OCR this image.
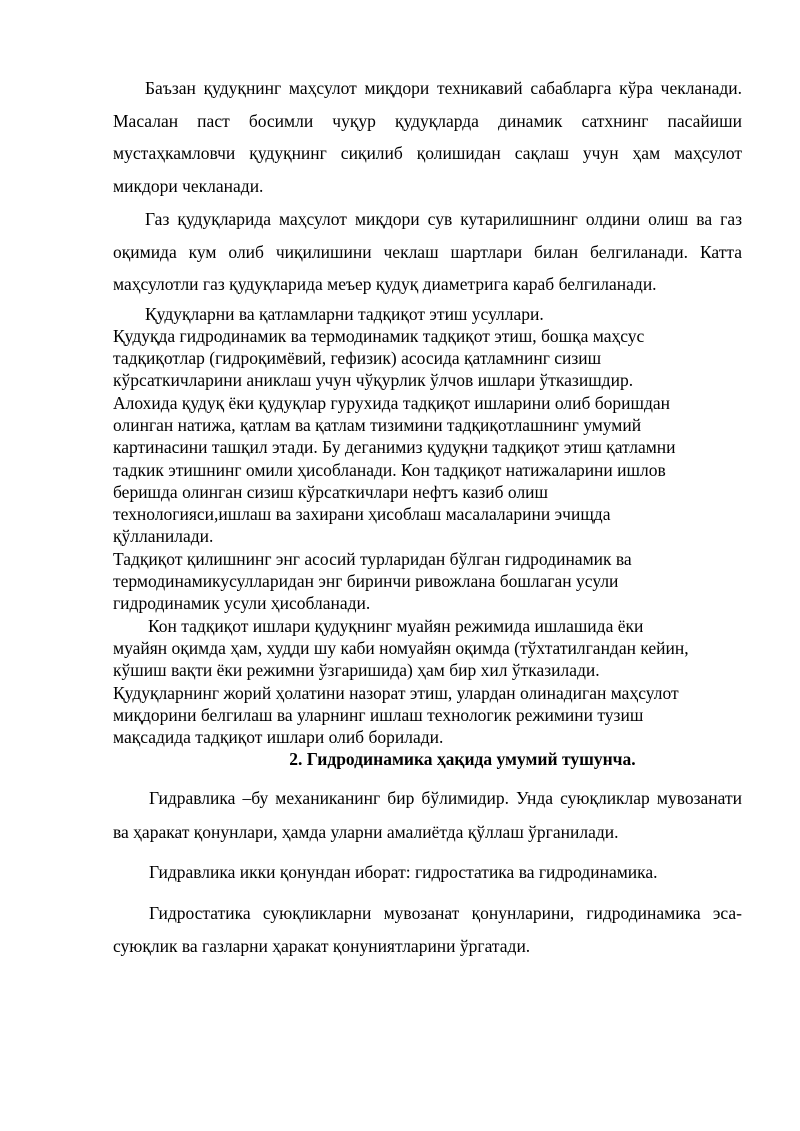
Баъзан қудуқнинг маҳсулот миқдори техникавий сабабларга кўра чекланади. Масалан паст босимли чуқур қудуқларда динамик сатхнинг пасайиши мустаҳкамловчи қудуқнинг сиқилиб қолишидан сақлаш учун ҳам маҳсулот микдори чекланади.

Газ қудуқларида маҳсулот миқдори сув кутарилишнинг олдини олиш ва газ оқимида кум олиб чиқилишини чеклаш шартлари билан белгиланади. Катта маҳсулотли газ қудуқларида меъер қудуқ диаметрига караб белгиланади.

Қудуқларни ва қатламларни тадқиқот этиш усуллари.

Қудуқда гидродинамик ва термодинамик тадқиқот этиш, бошқа маҳсус

тадқиқотлар (гидроқимёвий, гефизик) асосида қатламнинг сизиш

кўрсаткичларини аниклаш учун чўқурлик ўлчов ишлари ўтказишдир.

Алохида қудуқ ёки қудуқлар гурухида тадқиқот ишларини олиб боришдан

олинган натижа, қатлам ва қатлам тизимини тадқиқотлашнинг умумий

картинасини ташқил этади. Бу деганимиз қудуқни тадқиқот этиш қатламни

тадкик этишнинг омили ҳисобланади. Кон тадқиқот натижаларини ишлов

беришда олинган сизиш кўрсаткичлари нефтъ казиб олиш

технологияси,ишлаш ва захирани ҳисоблаш масалаларини эчищда

қўлланилади.

Тадқиқот қилишнинг энг асосий турларидан бўлган гидродинамик ва

термодинамикусулларидан энг биринчи ривожлана бошлаган усули

гидродинамик усули ҳисобланади.

Кон тадқиқот ишлари қудуқнинг муайян режимида ишлашида ёки

муайян оқимда ҳам, худди шу каби номуайян оқимда (тўхтатилгандан кейин,

кўшиш вақти ёки режимни ўзгаришида) ҳам бир хил ўтказилади.

Қудуқларнинг жорий ҳолатини назорат этиш, улардан олинадиган маҳсулот

миқдорини белгилаш ва уларнинг ишлаш технологик режимини тузиш

мақсадида тадқиқот ишлари олиб борилади.

2. Гидродинамика ҳақида умумий тушунча.

Гидравлика –бу механиканинг бир бўлимидир. Унда суюқликлар мувозанати ва ҳаракат қонунлари, ҳамда уларни амалиётда қўллаш ўрганилади.

Гидравлика икки қонундан иборат: гидростатика ва гидродинамика.

Гидростатика суюқликларни мувозанат қонунларини, гидродинамика эса-суюқлик ва газларни ҳаракат қонуниятларини ўргатади.
